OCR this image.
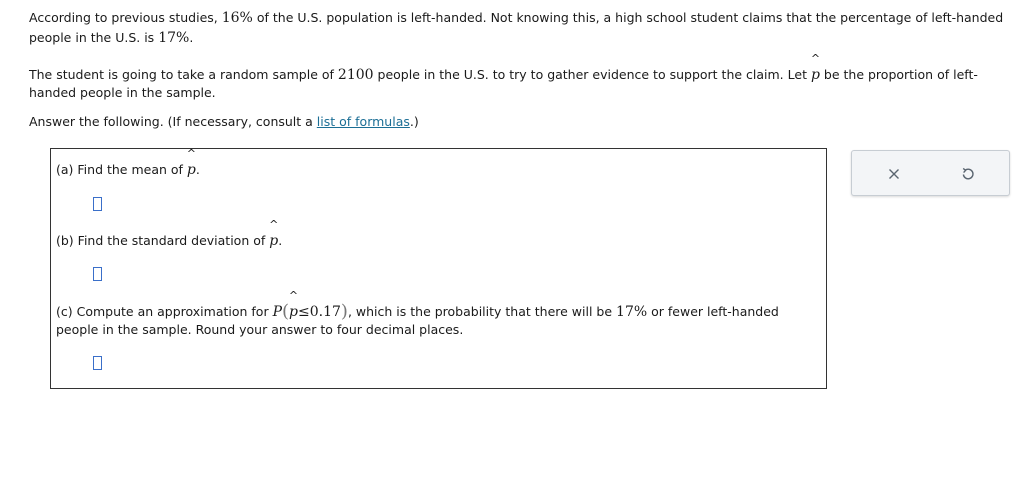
According to previous studies, 16% of the U.S. population is left-handed. Not knowing this, a high school student claims that the percentage of left-handed people in the U.S. is 17%.

The student is going to take a random sample of 2100 people in the U.S. to try to gather evidence to support the claim. Let
^
p be the proportion of left-handed people in the sample.

Answer the following. (If necessary, consult a list of formulas.)

(a) Find the mean of
^
p.
(b) Find the standard deviation of
^
p.
(c) Compute an approximation for P(
^
p≤0.17), which is the probability that there will be 17% or fewer left-handed people in the sample. Round your answer to four decimal places.
